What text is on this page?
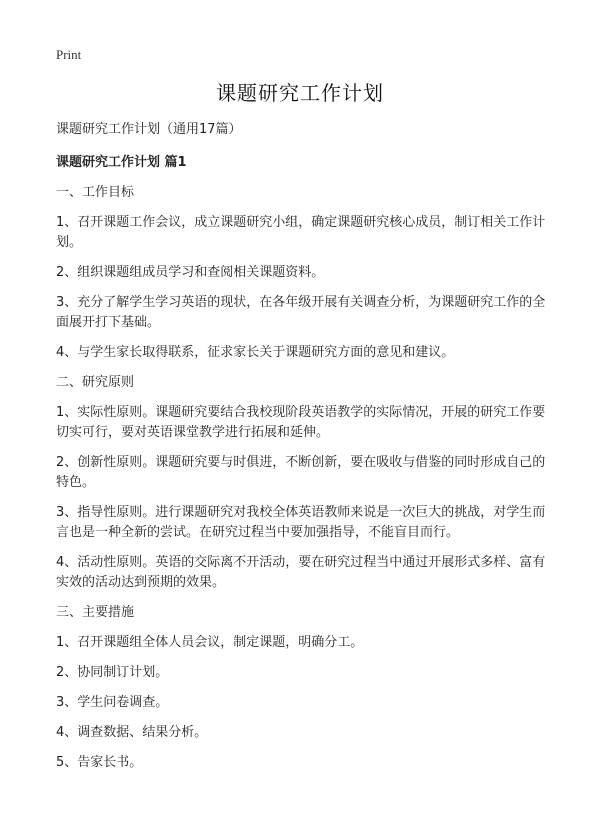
Print
课题研究工作计划

课题研究工作计划（通用17篇）

课题研究工作计划 篇1

一、工作目标

1、召开课题工作会议，成立课题研究小组，确定课题研究核心成员，制订相关工作计划。

2、组织课题组成员学习和查阅相关课题资料。

3、充分了解学生学习英语的现状，在各年级开展有关调查分析，为课题研究工作的全面展开打下基础。

4、与学生家长取得联系，征求家长关于课题研究方面的意见和建议。

二、研究原则

1、实际性原则。课题研究要结合我校现阶段英语教学的实际情况，开展的研究工作要切实可行，要对英语课堂教学进行拓展和延伸。

2、创新性原则。课题研究要与时俱进，不断创新，要在吸收与借鉴的同时形成自己的特色。

3、指导性原则。进行课题研究对我校全体英语教师来说是一次巨大的挑战，对学生而言也是一种全新的尝试。在研究过程当中要加强指导，不能盲目而行。

4、活动性原则。英语的交际离不开活动，要在研究过程当中通过开展形式多样、富有实效的活动达到预期的效果。

三、主要措施

1、召开课题组全体人员会议，制定课题，明确分工。

2、协同制订计划。

3、学生问卷调查。

4、调查数据、结果分析。

5、告家长书。
